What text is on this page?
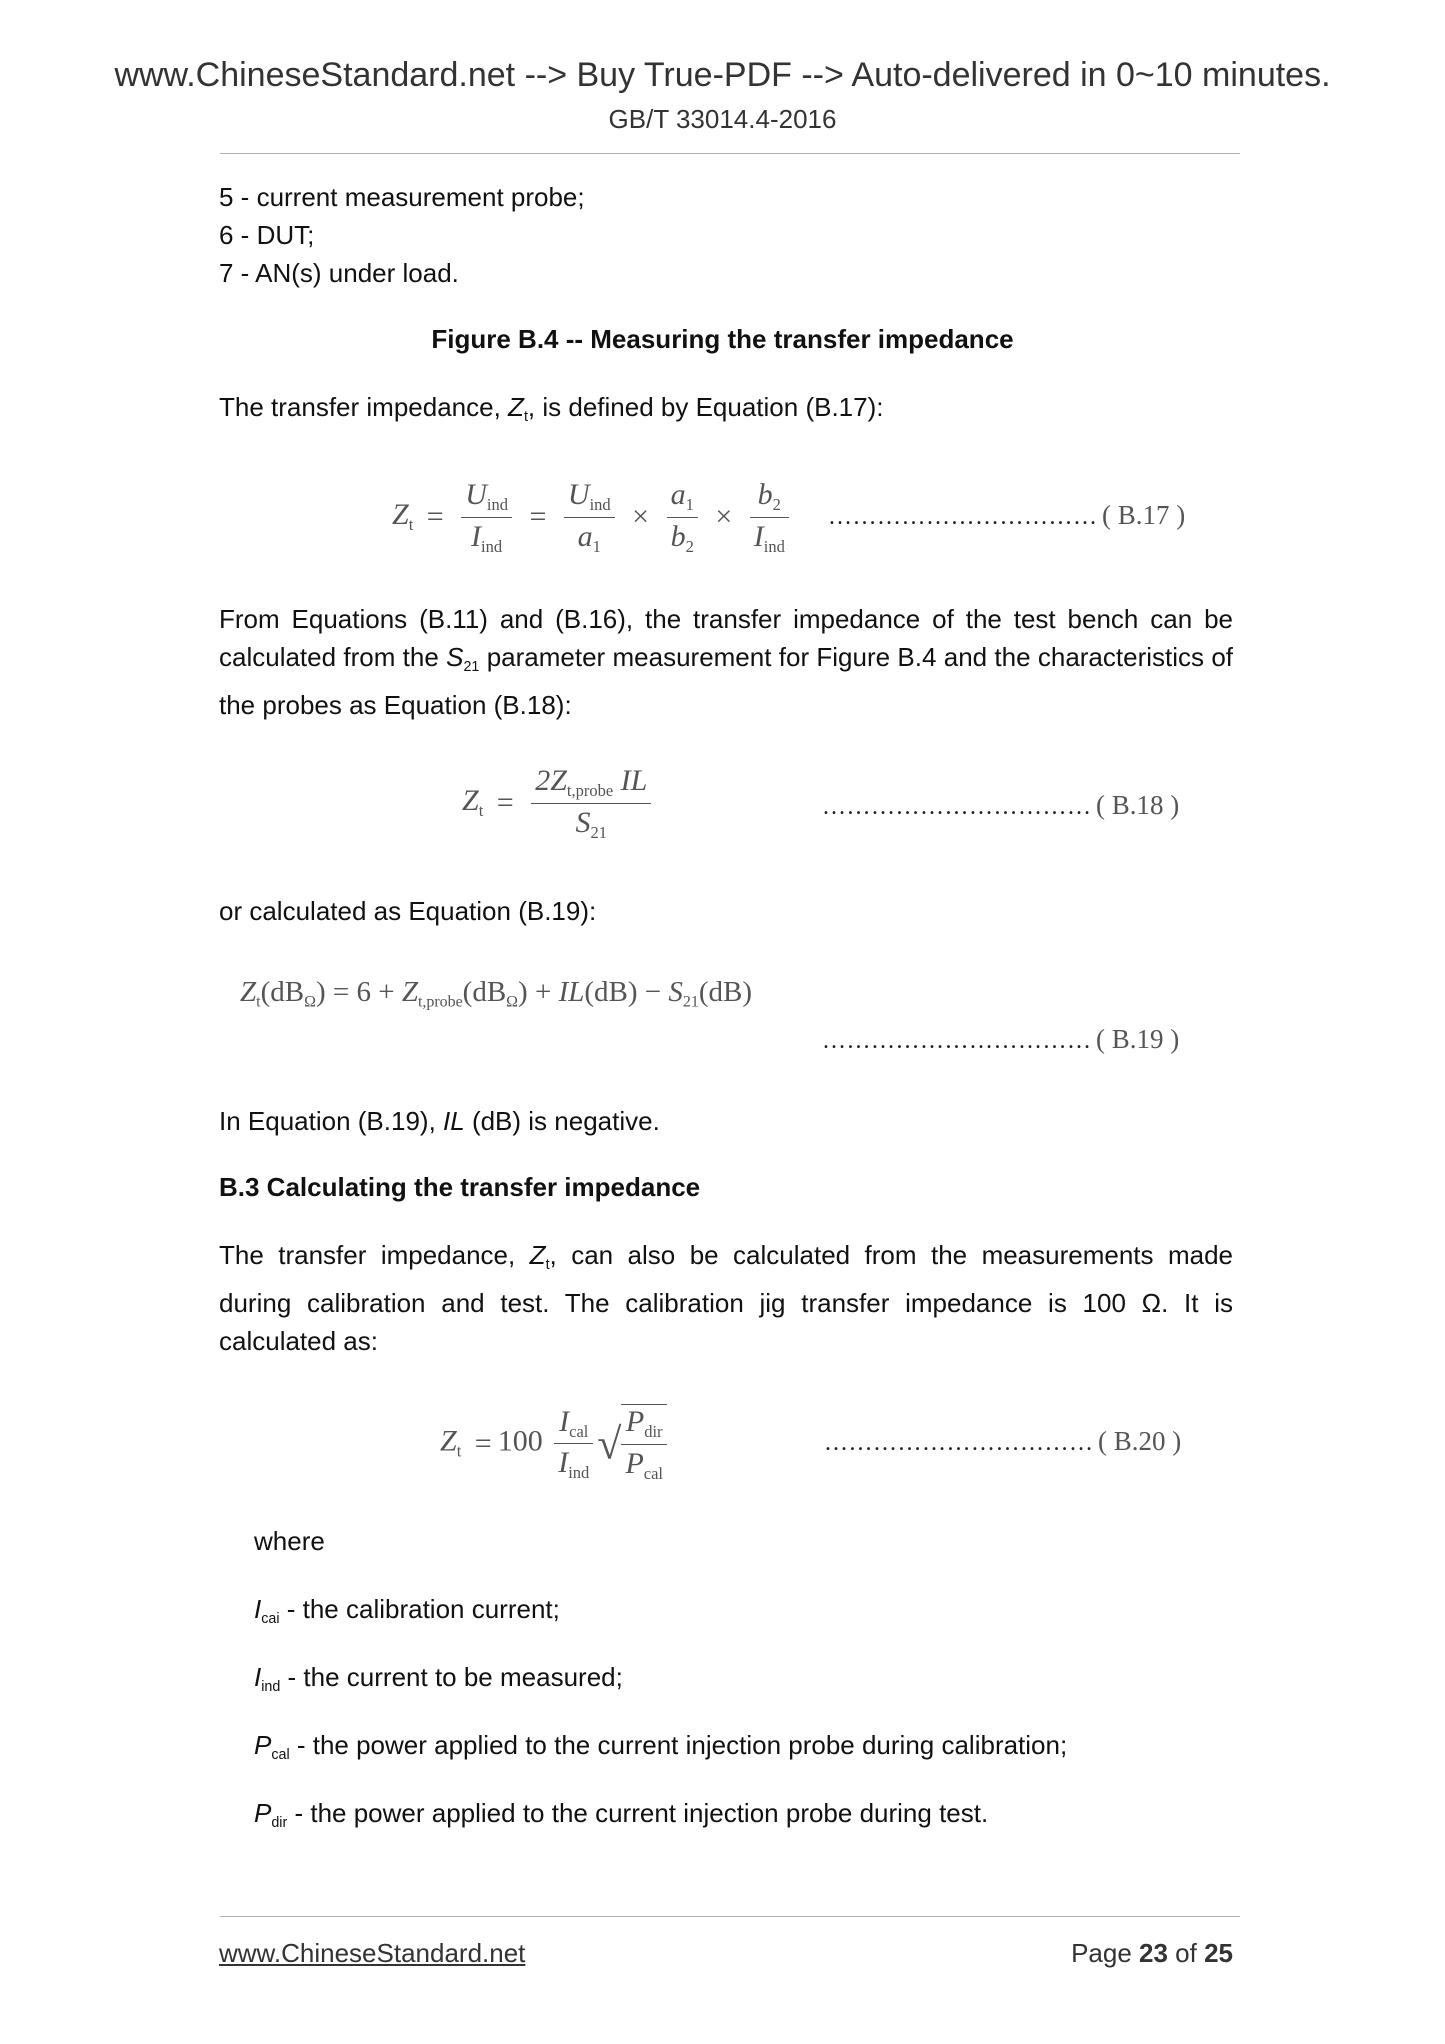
www.ChineseStandard.net --> Buy True-PDF --> Auto-delivered in 0~10 minutes.
GB/T 33014.4-2016
5 - current measurement probe;
6 - DUT;
7 - AN(s) under load.
Figure B.4 -- Measuring the transfer impedance
The transfer impedance, $Z_t$, is defined by Equation (B.17):
$Z_t = \frac{U_{ind}}{I_{ind}} = \frac{U_{ind}}{a_1} \times \frac{a_1}{b_2} \times \frac{b_2}{I_{ind}}$ …………………………… ( B.17 )
From Equations (B.11) and (B.16), the transfer impedance of the test bench can be calculated from the $S_{21}$ parameter measurement for Figure B.4 and the characteristics of the probes as Equation (B.18):
$Z_t = \frac{2Z_{t,probe} IL}{S_{21}}$	…………………………… ( B.18 )
or calculated as Equation (B.19):
$Z_t(dB_\Omega) = 6 + Z_{t,probe}(dB_\Omega) + IL(dB) - S_{21}(dB)$
…………………………… ( B.19 )
In Equation (B.19), IL (dB) is negative.
B.3 Calculating the transfer impedance
The transfer impedance, $Z_t$, can also be calculated from the measurements made during calibration and test. The calibration jig transfer impedance is 100 Ω. It is calculated as:
$Z_t = 100 \frac{I_{cal}}{I_{ind}}$ √ $\frac{P_{dir}}{P_{cal}}$	…………………………… ( B.20 )
where
$I_{cai}$ - the calibration current;
$I_{ind}$ - the current to be measured;
$P_{cal}$ - the power applied to the current injection probe during calibration;
$P_{dir}$ - the power applied to the current injection probe during test.
www.ChineseStandard.net	Page 23 of 25
